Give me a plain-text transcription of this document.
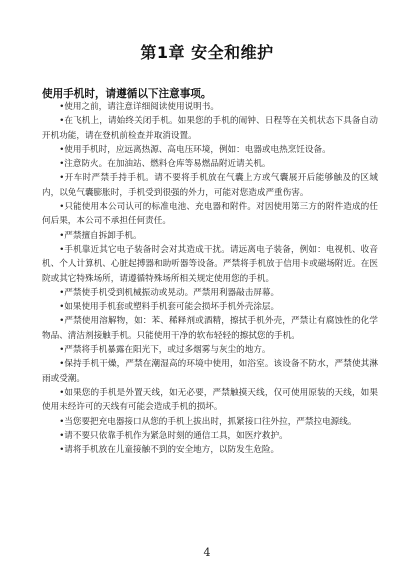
第1章 安全和维护
使用手机时，请遵循以下注意事项。

•使用之前，请注意详细阅读使用说明书。

•在飞机上，请始终关闭手机。如果您的手机的闹钟、日程等在关机状态下具备自动开机功能，请在登机前检查并取消设置。

•使用手机时，应远离热源、高电压环境，例如：电器或电热烹饪设备。

•注意防火。在加油站、燃料仓库等易燃品附近请关机。

•开车时严禁手持手机。请不要将手机放在气囊上方或气囊展开后能够触及的区域内，以免气囊膨胀时，手机受到很强的外力，可能对您造成严重伤害。

•只能使用本公司认可的标准电池、充电器和附件。对因使用第三方的附件造成的任何后果，本公司不承担任何责任。

•严禁擅自拆卸手机。

•手机靠近其它电子装备时会对其造成干扰。请远离电子装备，例如：电视机、收音机、个人计算机、心脏起搏器和助听器等设备。严禁将手机放于信用卡或磁场附近。在医院或其它特殊场所，请遵循特殊场所相关规定使用您的手机。

•严禁使手机受到机械振动或晃动。严禁用利器敲击屏幕。

•如果使用手机套或塑料手机套可能会损坏手机外壳涂层。

•严禁使用溶解物，如：苯、稀释剂或酒精，擦拭手机外壳，严禁让有腐蚀性的化学物品、清洁剂接触手机。只能使用干净的软布轻轻的擦拭您的手机。

•严禁将手机暴露在阳光下，或过多烟雾与灰尘的地方。

•保持手机干燥，严禁在潮湿高的环境中使用，如浴室。该设备不防水，严禁使其淋雨或受潮。

•如果您的手机是外置天线，如无必要，严禁触摸天线，仅可使用原装的天线，如果使用未经许可的天线有可能会造成手机的损坏。

•当您要把充电器接口从您的手机上拔出时，抓紧接口往外拉，严禁拉电源线。

•请不要只依靠手机作为紧急时刻的通信工具，如医疗救护。

•请将手机放在儿童接触不到的安全地方，以防发生危险。

4
